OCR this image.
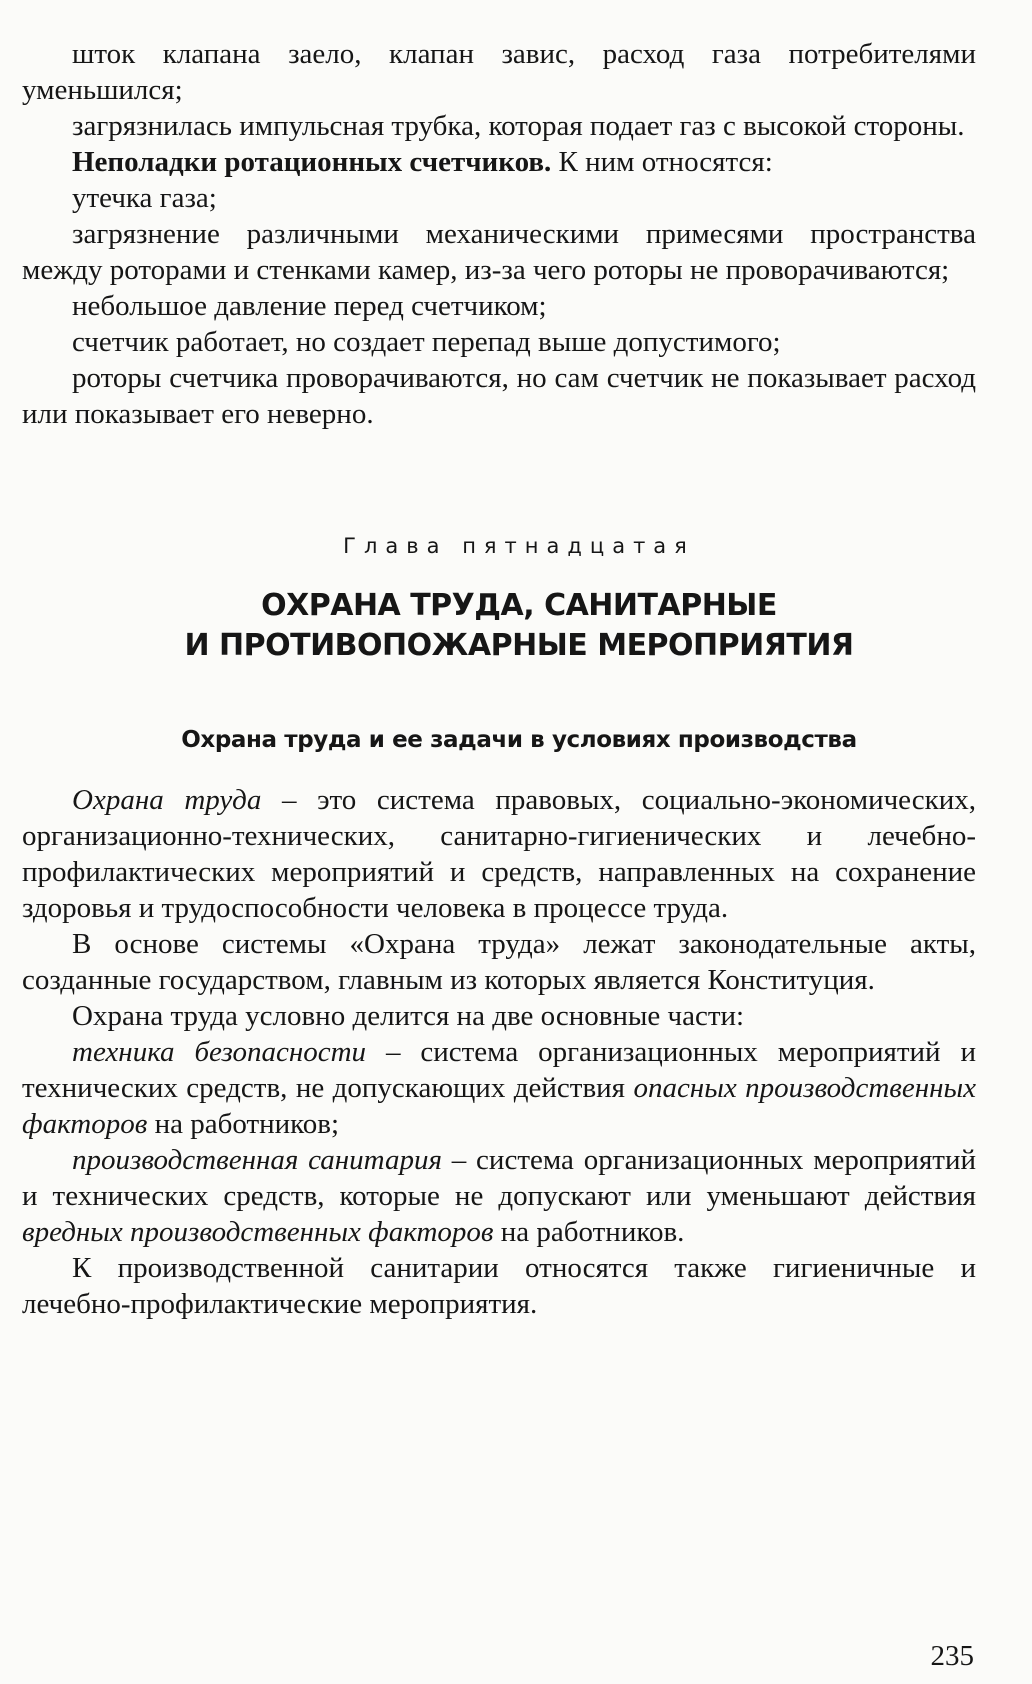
шток клапана заело, клапан завис, расход газа потребителями уменьшился;

загрязнилась импульсная трубка, которая подает газ с высокой стороны.

Неполадки ротационных счетчиков. К ним относятся:

утечка газа;

загрязнение различными механическими примесями пространства между роторами и стенками камер, из-за чего роторы не проворачиваются;

небольшое давление перед счетчиком;

счетчик работает, но создает перепад выше допустимого;

роторы счетчика проворачиваются, но сам счетчик не показывает расход или показывает его неверно.

Глава пятнадцатая
ОХРАНА ТРУДА, САНИТАРНЫЕ
И ПРОТИВОПОЖАРНЫЕ МЕРОПРИЯТИЯ
Охрана труда и ее задачи в условиях производства

Охрана труда – это система правовых, социально-экономических, организационно-технических, санитарно-гигиенических и лечебно-профилактических мероприятий и средств, направленных на сохранение здоровья и трудоспособности человека в процессе труда.

В основе системы «Охрана труда» лежат законодательные акты, созданные государством, главным из которых является Конституция.

Охрана труда условно делится на две основные части:

техника безопасности – система организационных мероприятий и технических средств, не допускающих действия опасных производственных факторов на работников;

производственная санитария – система организационных мероприятий и технических средств, которые не допускают или уменьшают действия вредных производственных факторов на работников.

К производственной санитарии относятся также гигиеничные и лечебно-профилактические мероприятия.

235
